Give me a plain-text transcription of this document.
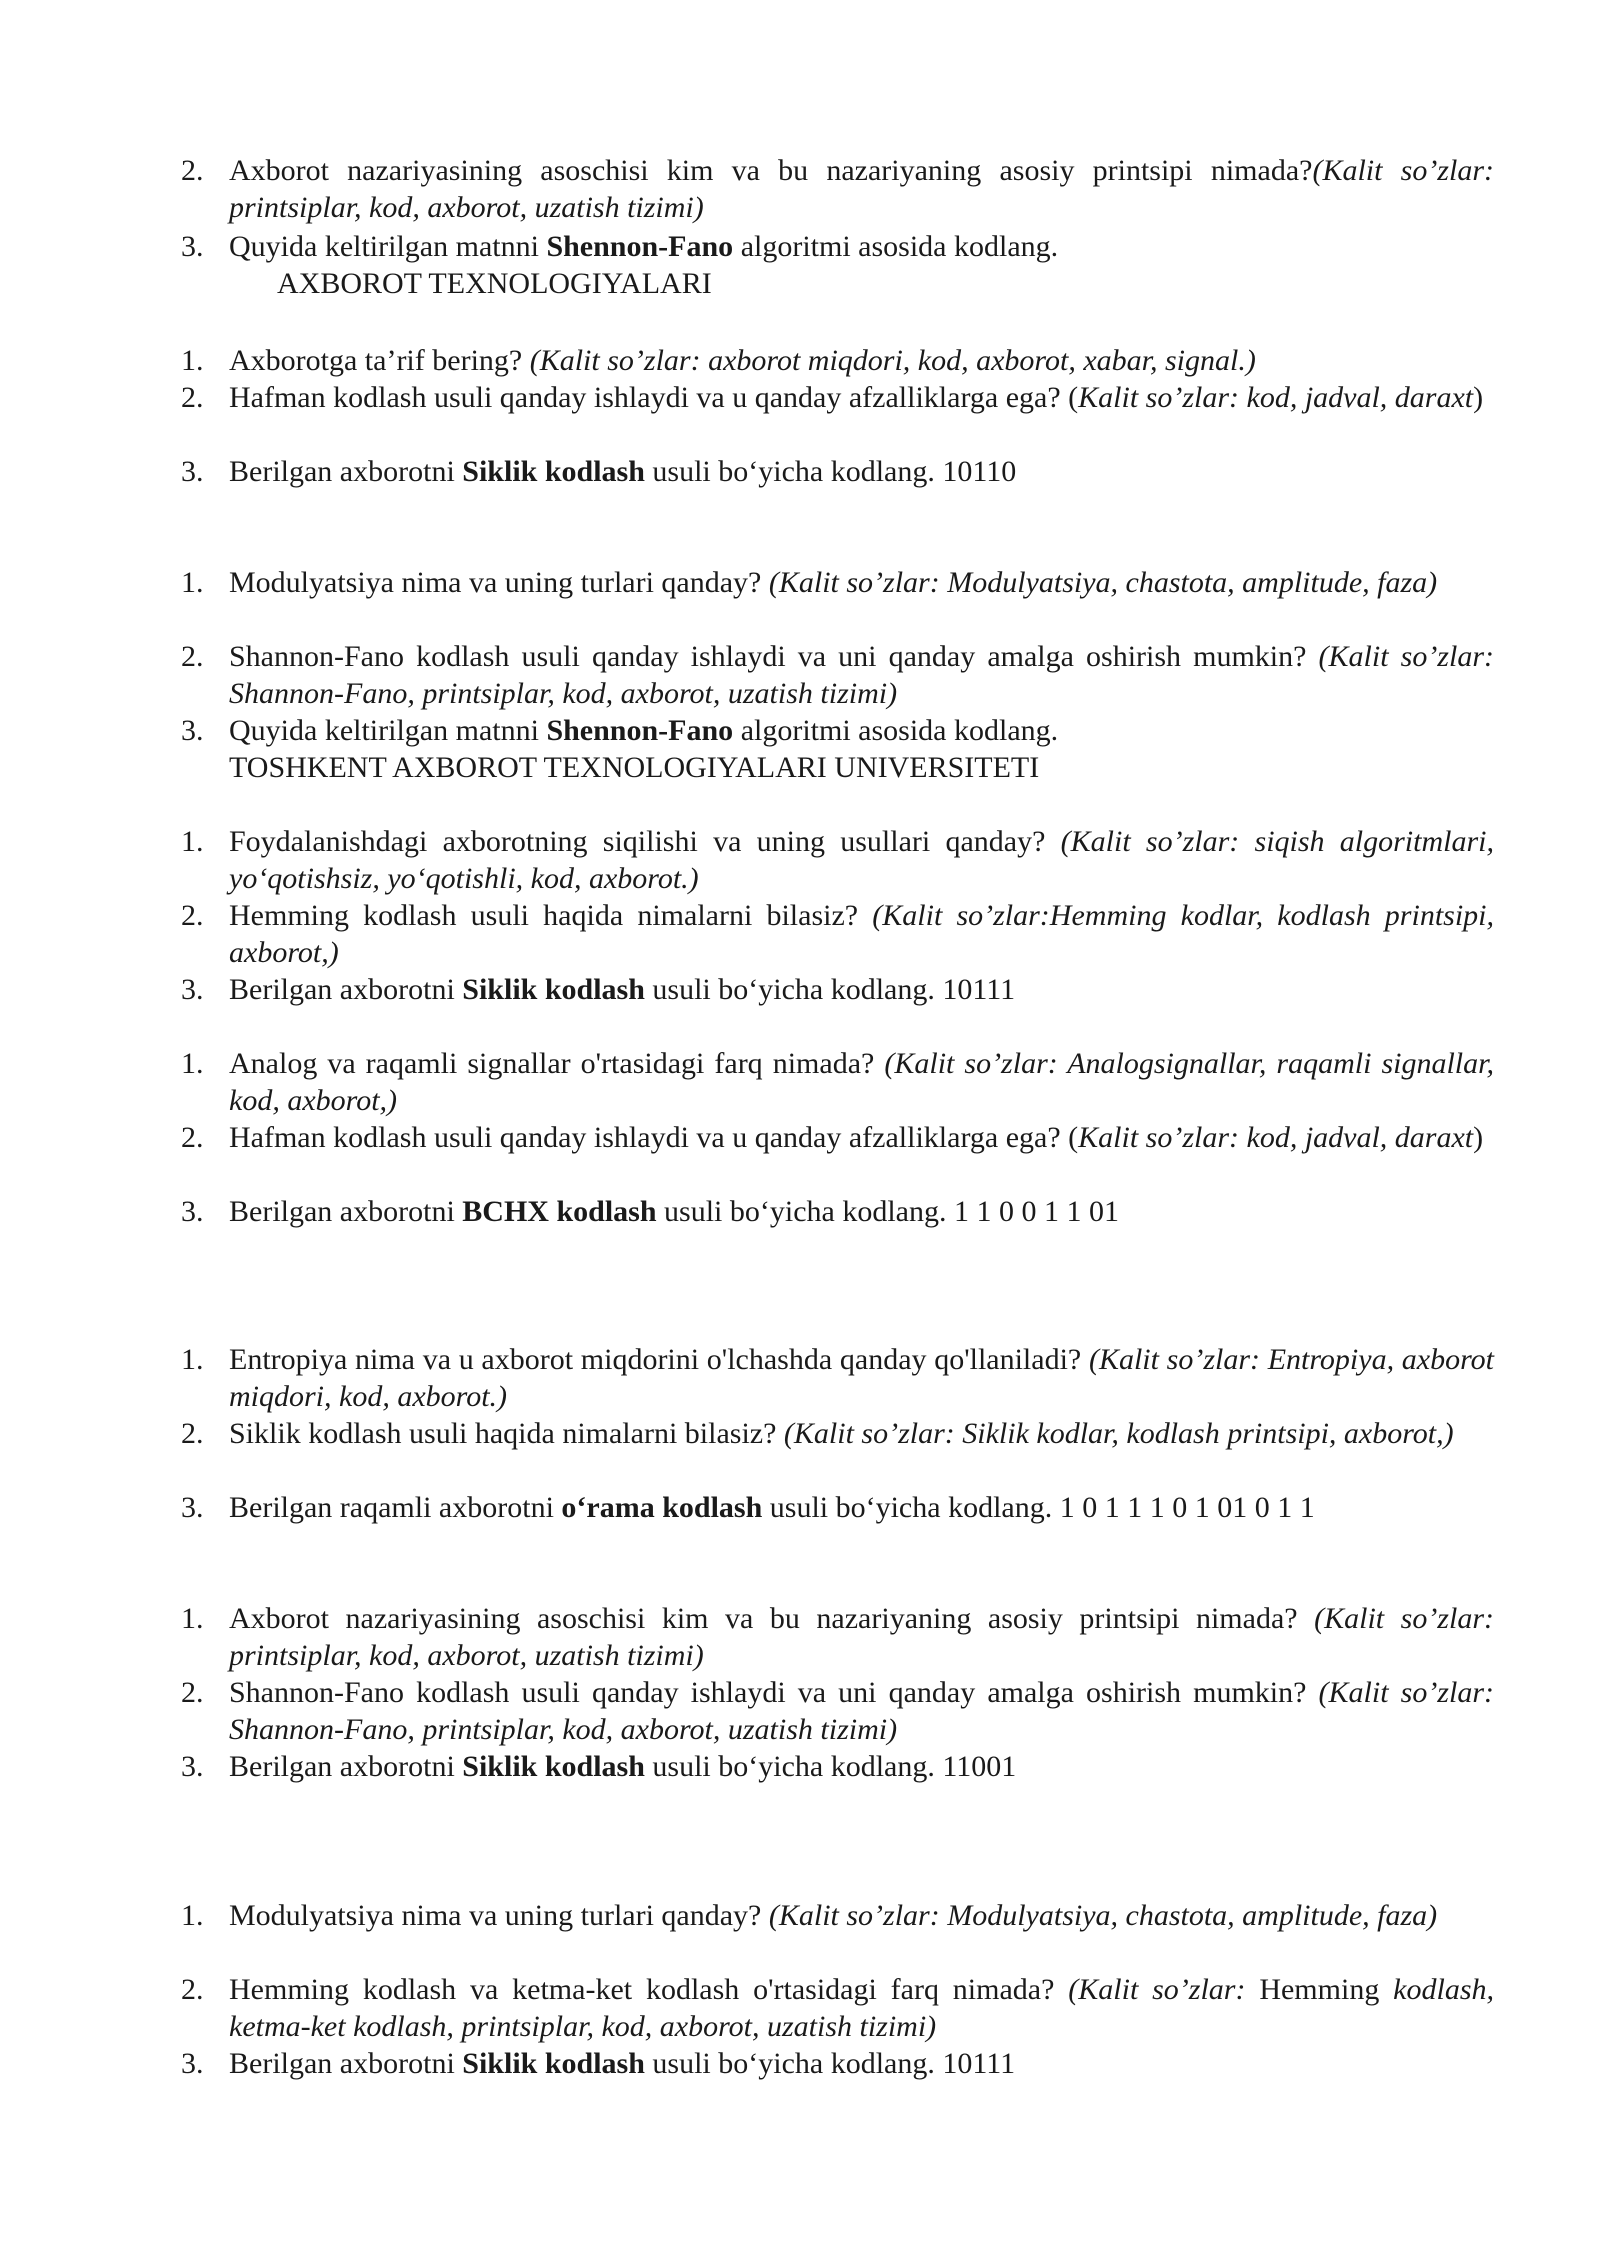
2. Axborot nazariyasining asoschisi kim va bu nazariyaning asosiy printsipi nimada?(Kalit so’zlar: printsiplar, kod, axborot, uzatish tizimi)
3. Quyida keltirilgan matnni Shennon-Fano algoritmi asosida kodlang.
1. Axborotga ta’rif bering? (Kalit so’zlar: axborot miqdori, kod, axborot, xabar, signal.)
2. Hafman kodlash usuli qanday ishlaydi va u qanday afzalliklarga ega? (Kalit so’zlar: kod, jadval, daraxt)
3. Berilgan axborotni Siklik kodlash usuli bo‘yicha kodlang. 10110
1. Modulyatsiya nima va uning turlari qanday? (Kalit so’zlar: Modulyatsiya, chastota, amplitude, faza)
2. Shannon-Fano kodlash usuli qanday ishlaydi va uni qanday amalga oshirish mumkin? (Kalit so’zlar: Shannon-Fano, printsiplar, kod, axborot, uzatish tizimi)
3. Quyida keltirilgan matnni Shennon-Fano algoritmi asosida kodlang.
1. Foydalanishdagi axborotning siqilishi va uning usullari qanday? (Kalit so’zlar: siqish algoritmlari, yo‘qotishsiz, yo‘qotishli, kod, axborot.)
2. Hemming kodlash usuli haqida nimalarni bilasiz? (Kalit so’zlar:Hemming kodlar, kodlash printsipi, axborot,)
3. Berilgan axborotni Siklik kodlash usuli bo‘yicha kodlang. 10111
1. Analog va raqamli signallar o'rtasidagi farq nimada? (Kalit so’zlar: Analogsignallar, raqamli signallar, kod, axborot,)
2. Hafman kodlash usuli qanday ishlaydi va u qanday afzalliklarga ega? (Kalit so’zlar: kod, jadval, daraxt)
3. Berilgan axborotni BCHX kodlash usuli bo‘yicha kodlang. 1 1 0 0 1 1 01
1. Entropiya nima va u axborot miqdorini o'lchashda qanday qo'llaniladi? (Kalit so’zlar: Entropiya, axborot miqdori, kod, axborot.)
2. Siklik kodlash usuli haqida nimalarni bilasiz? (Kalit so’zlar: Siklik kodlar, kodlash printsipi, axborot,)
3. Berilgan raqamli axborotni o‘rama kodlash usuli bo‘yicha kodlang. 1 0 1 1 1 0 1 01 0 1 1
1. Axborot nazariyasining asoschisi kim va bu nazariyaning asosiy printsipi nimada? (Kalit so’zlar: printsiplar, kod, axborot, uzatish tizimi)
2. Shannon-Fano kodlash usuli qanday ishlaydi va uni qanday amalga oshirish mumkin? (Kalit so’zlar: Shannon-Fano, printsiplar, kod, axborot, uzatish tizimi)
3. Berilgan axborotni Siklik kodlash usuli bo‘yicha kodlang. 11001
1. Modulyatsiya nima va uning turlari qanday? (Kalit so’zlar: Modulyatsiya, chastota, amplitude, faza)
2. Hemming kodlash va ketma-ket kodlash o'rtasidagi farq nimada? (Kalit so’zlar: Hemming kodlash, ketma-ket kodlash, printsiplar, kod, axborot, uzatish tizimi)
3. Berilgan axborotni Siklik kodlash usuli bo‘yicha kodlang. 10111
AXBOROT TEXNOLOGIYALARI
TOSHKENT AXBOROT TEXNOLOGIYALARI UNIVERSITETI
